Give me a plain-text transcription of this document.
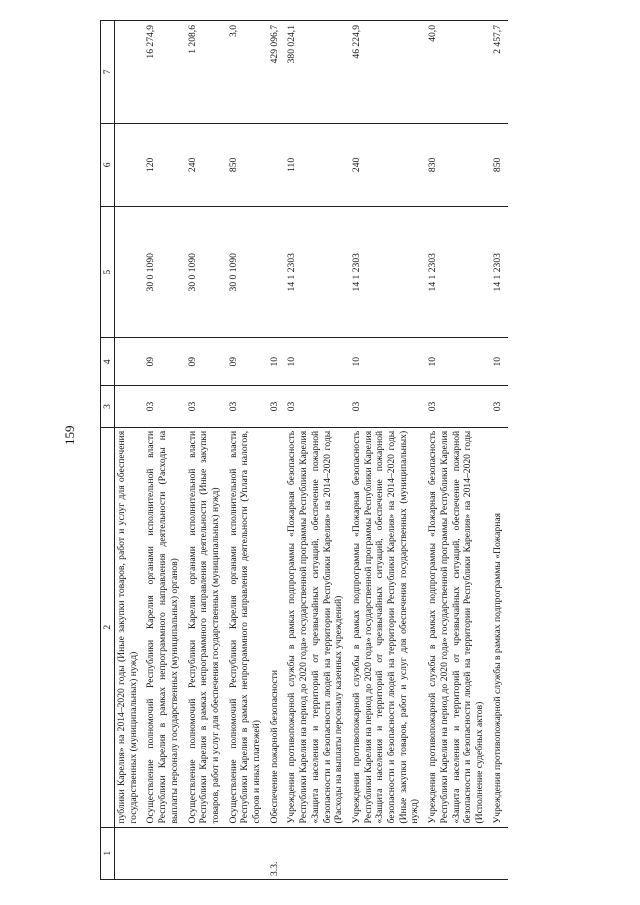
159
1	2	3	4	5	6	7
	публики Карелия» на 2014–2020 годы (Иные закупки товаров, работ и услуг для обеспечения государственных (муниципальных) нужд)					
	Осуществление полномочий Республики Карелия органами исполнительной власти Республики Карелия в рамках непрограммного направления деятельности (Расходы на выплаты персоналу государственных (муниципальных) органов)	03	09	30 0 1090	120	16 274,9
	Осуществление полномочий Республики Карелия органами исполнительной власти Республики Карелия в рамках непрограммного направления деятельности (Иные закупки товаров, работ и услуг для обеспечения государственных (муниципальных) нужд)	03	09	30 0 1090	240	1 208,6
	Осуществление полномочий Республики Карелия органами исполнительной власти Республики Карелия в рамках непрограммного направления деятельности (Уплата налогов, сборов и иных платежей)	03	09	30 0 1090	850	3,0
3.3.	Обеспечение пожарной безопасности	03	10			429 096,7
	Учреждения противопожарной службы в рамках подпрограммы «Пожарная безопасность Республики Карелия на период до 2020 года» государственной программы Республики Карелия «Защита населения и территорий от чрезвычайных ситуаций, обеспечение пожарной безопасности и безопасности людей на территории Республики Карелия» на 2014–2020 годы (Расходы на выплаты персоналу казенных учреждений)	03	10	14 1 2303	110	380 024,1
	Учреждения противопожарной службы в рамках подпрограммы «Пожарная безопасность Республики Карелия на период до 2020 года» государственной программы Республики Карелия «Защита населения и территорий от чрезвычайных ситуаций, обеспечение пожарной безопасности и безопасности людей на территории Республики Карелия» на 2014–2020 годы (Иные закупки товаров, работ и услуг для обеспечения государственных (муниципальных) нужд)	03	10	14 1 2303	240	46 224,9
	Учреждения противопожарной службы в рамках подпрограммы «Пожарная безопасность Республики Карелия на период до 2020 года» государственной программы Республики Карелия «Защита населения и территорий от чрезвычайных ситуаций, обеспечение пожарной безопасности и безопасности людей на территории Республики Карелия» на 2014–2020 годы (Исполнение судебных актов)	03	10	14 1 2303	830	40,0
	Учреждения противопожарной службы в рамках подпрограммы «Пожарная	03	10	14 1 2303	850	2 457,7
